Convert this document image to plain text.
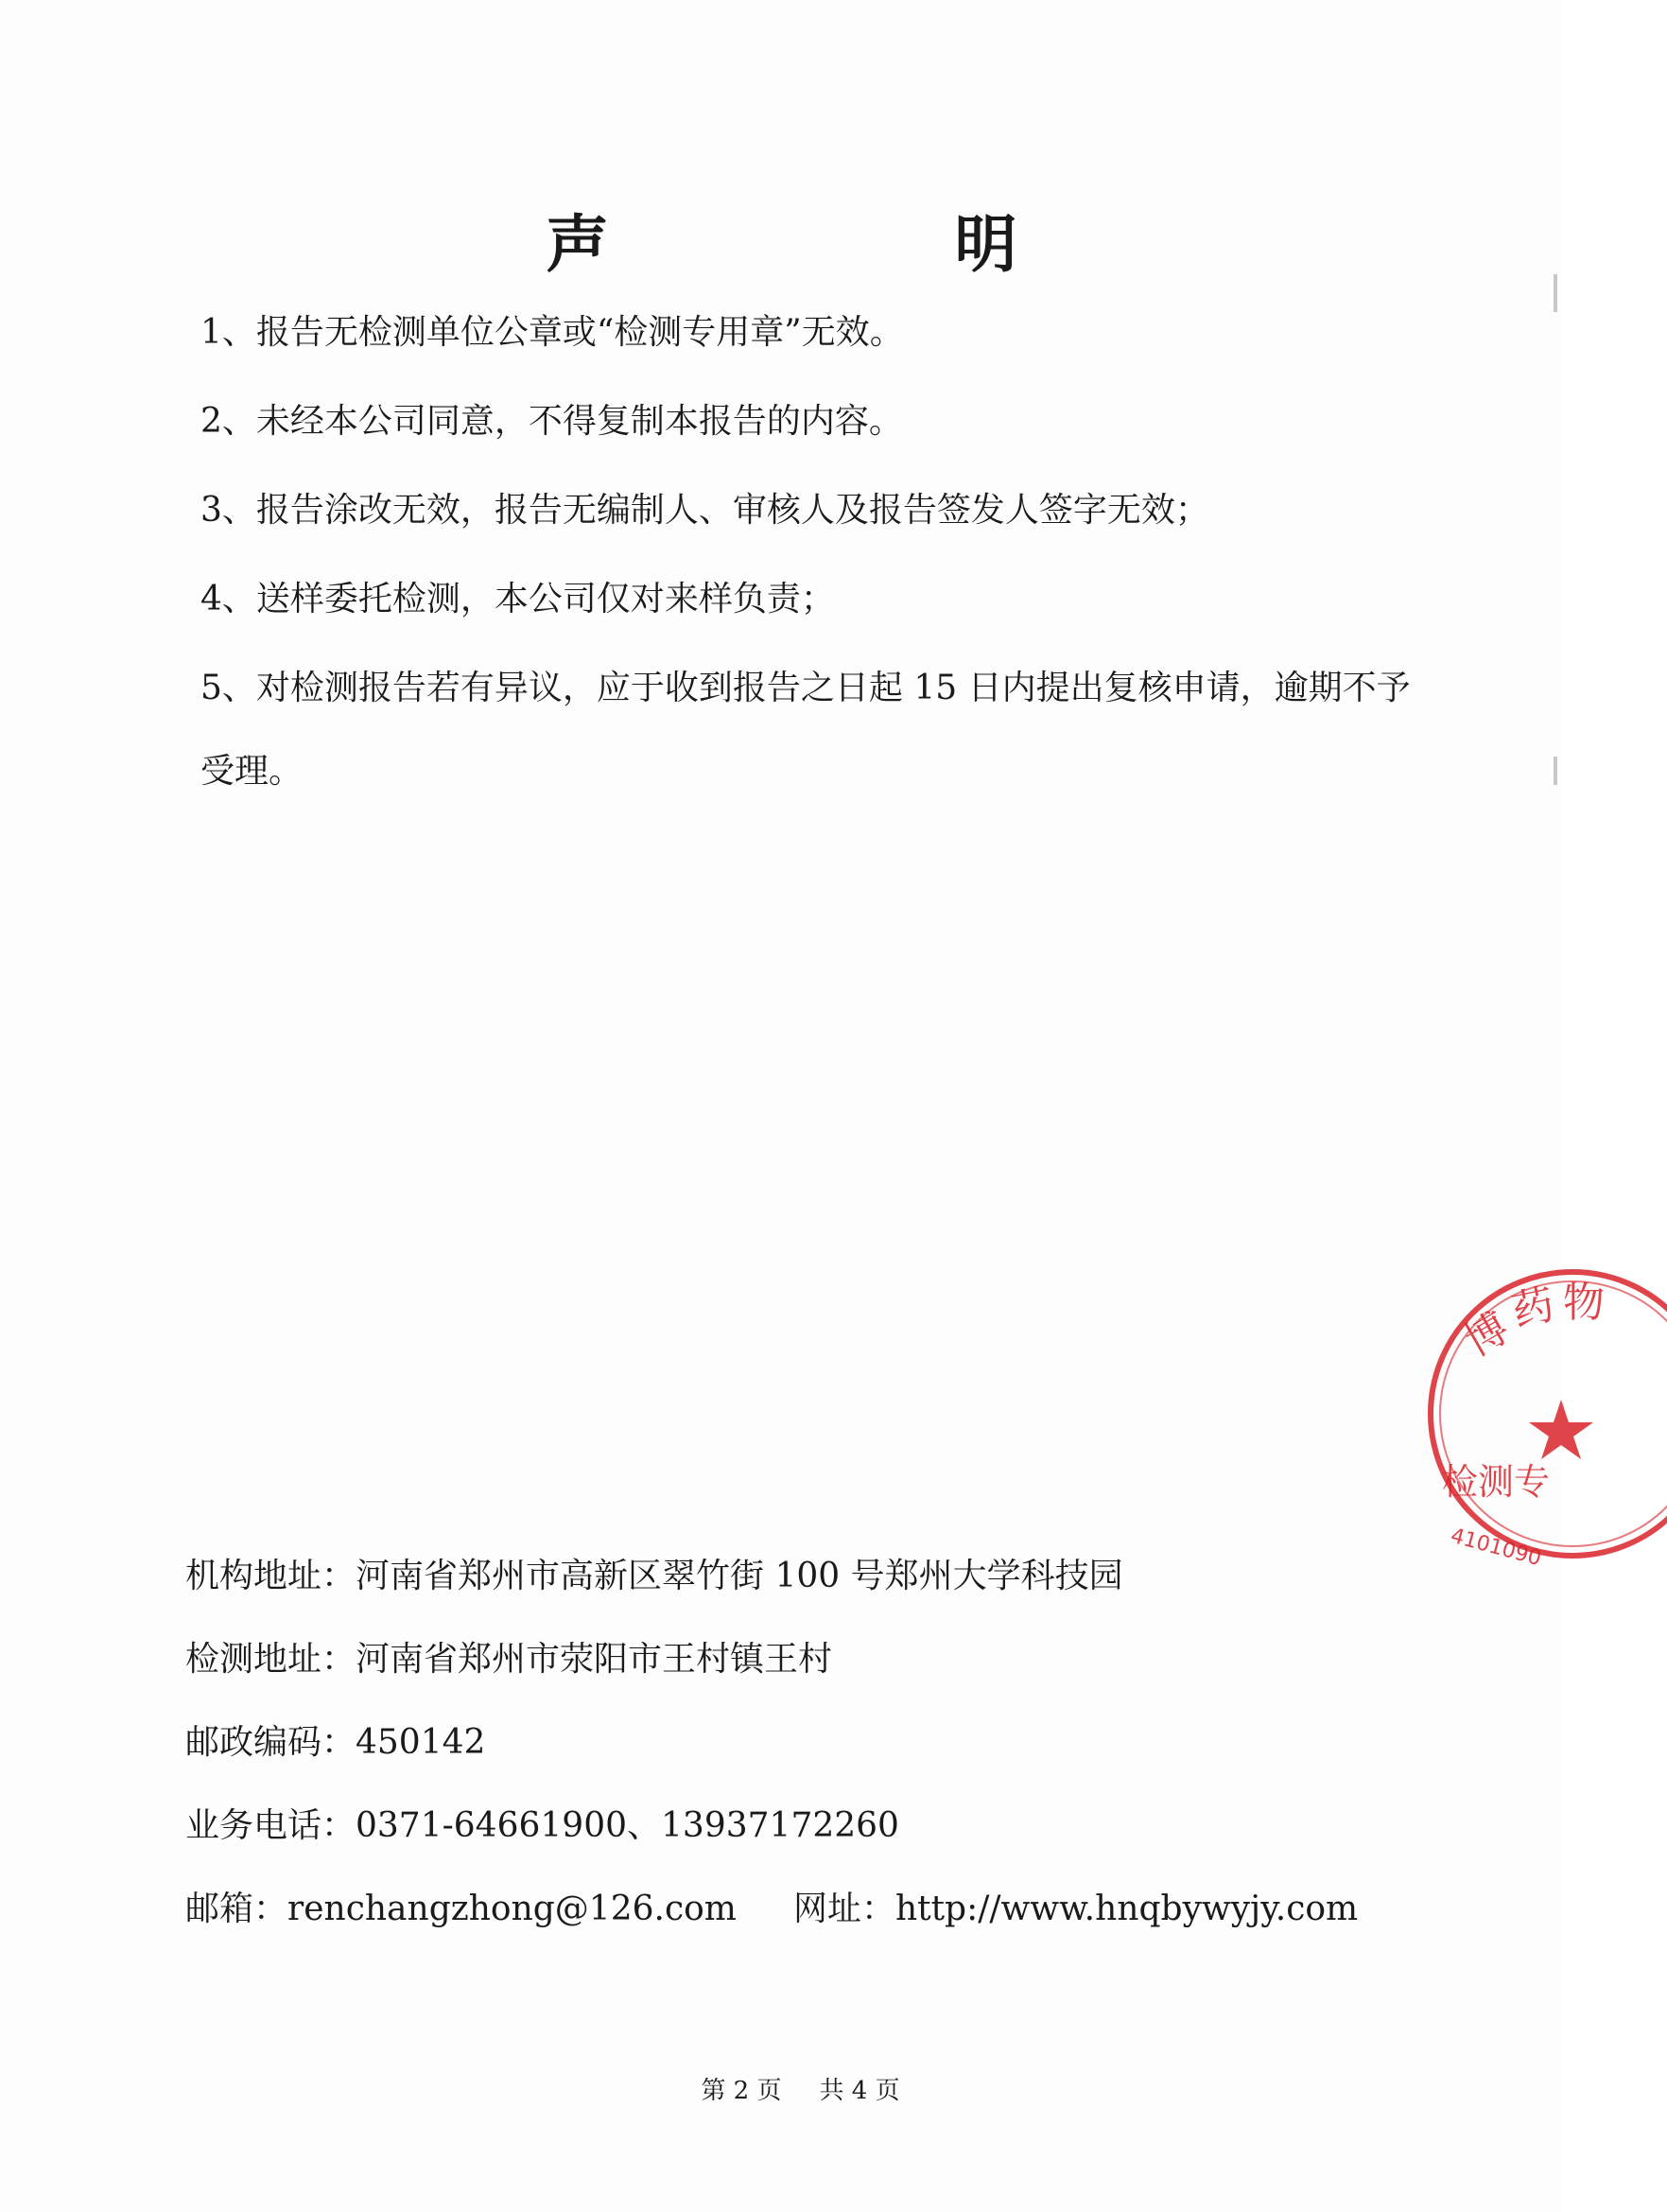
声　明
1、报告无检测单位公章或“检测专用章”无效。
2、未经本公司同意，不得复制本报告的内容。
3、报告涂改无效，报告无编制人、审核人及报告签发人签字无效；
4、送样委托检测，本公司仅对来样负责；
5、对检测报告若有异议，应于收到报告之日起 15 日内提出复核申请，逾期不予受理。
机构地址：河南省郑州市高新区翠竹街 100 号郑州大学科技园
检测地址：河南省郑州市荥阳市王村镇王村
邮政编码：450142
业务电话：0371-64661900、13937172260
邮箱：renchangzhong@126.com 网址：http://www.hnqbywyjy.com
第 2 页 共 4 页
博
药 物
检测专
4101090
